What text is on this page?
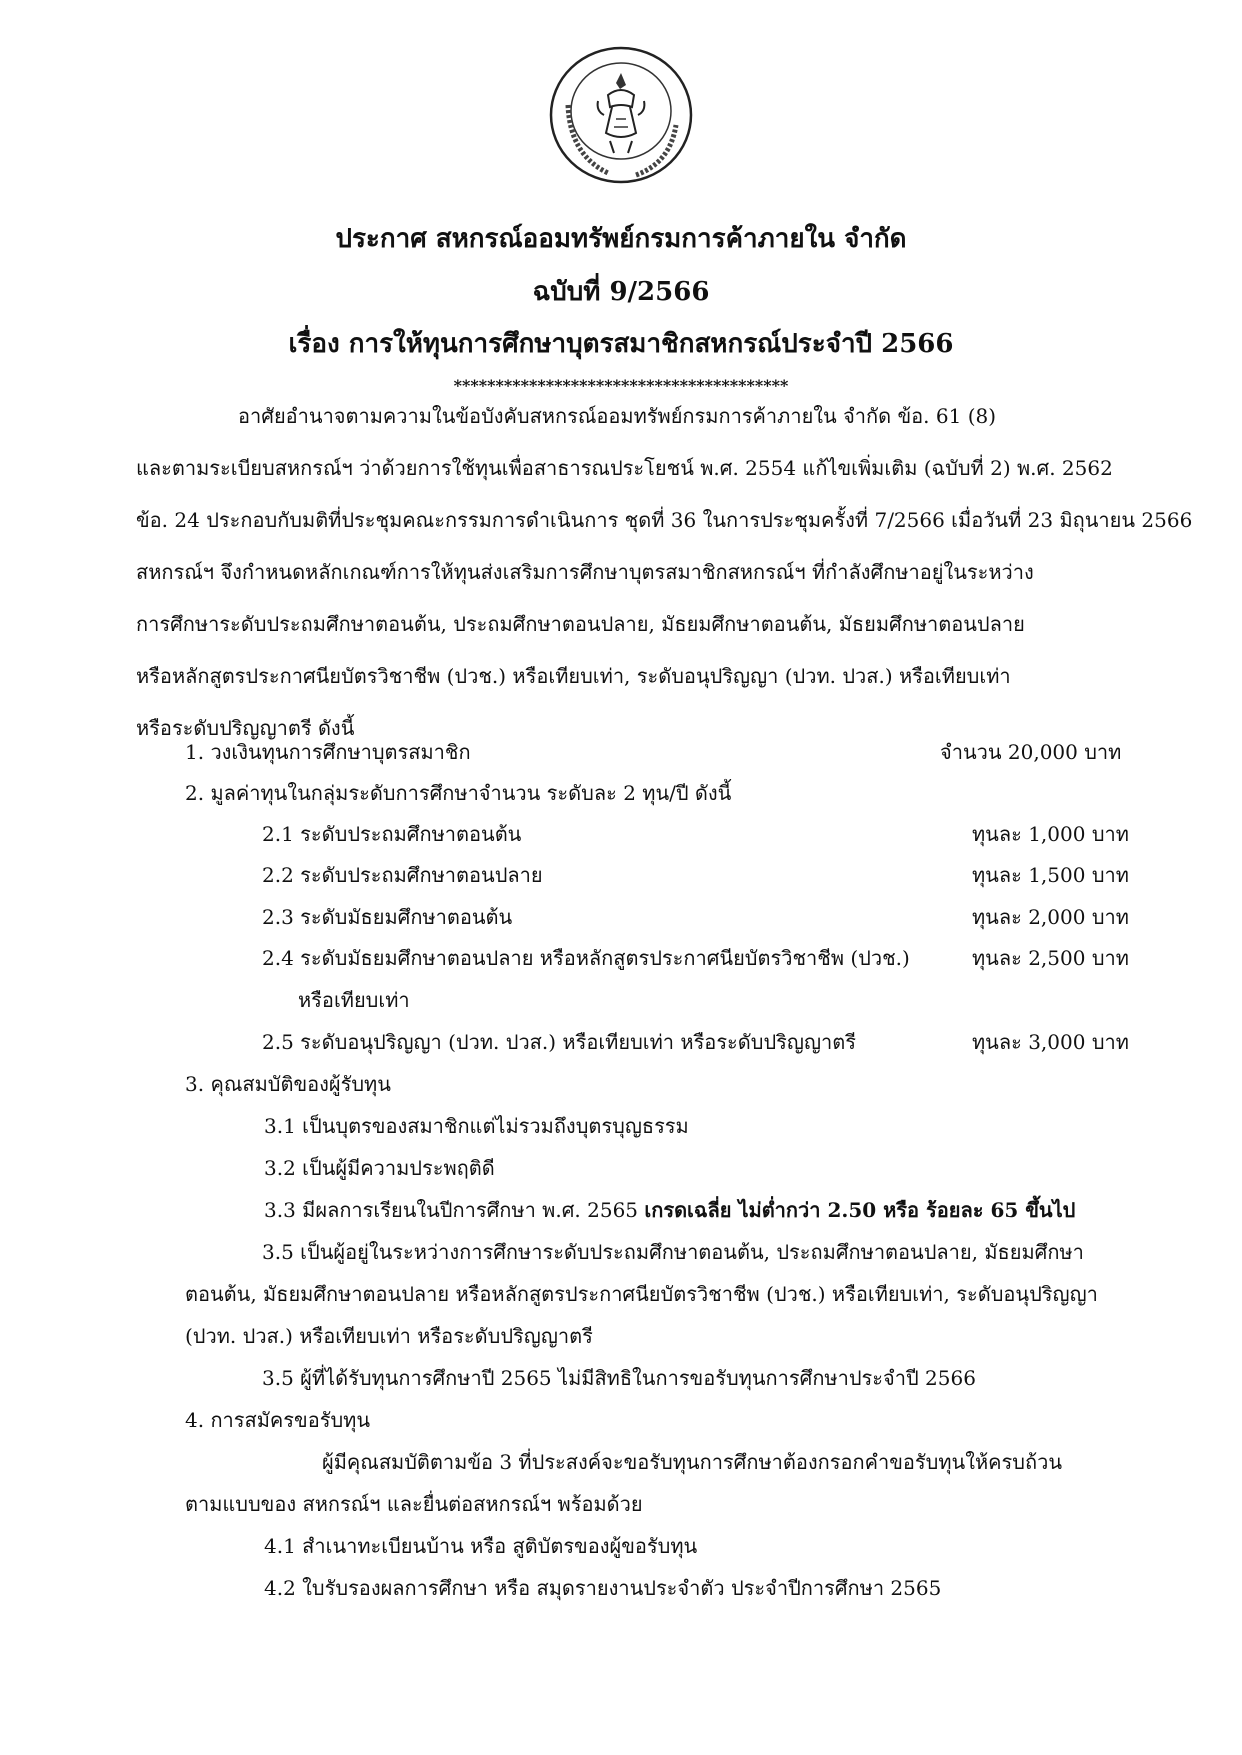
ประกาศ สหกรณ์ออมทรัพย์กรมการค้าภายใน จำกัด
ฉบับที่ 9/2566
เรื่อง การให้ทุนการศึกษาบุตรสมาชิกสหกรณ์ประจำปี 2566
****************************************
อาศัยอำนาจตามความในข้อบังคับสหกรณ์ออมทรัพย์กรมการค้าภายใน จำกัด ข้อ. 61 (8)
และตามระเบียบสหกรณ์ฯ ว่าด้วยการใช้ทุนเพื่อสาธารณประโยชน์ พ.ศ. 2554 แก้ไขเพิ่มเติม (ฉบับที่ 2) พ.ศ. 2562
ข้อ. 24 ประกอบกับมติที่ประชุมคณะกรรมการดำเนินการ ชุดที่ 36 ในการประชุมครั้งที่ 7/2566 เมื่อวันที่ 23 มิถุนายน 2566
สหกรณ์ฯ จึงกำหนดหลักเกณฑ์การให้ทุนส่งเสริมการศึกษาบุตรสมาชิกสหกรณ์ฯ ที่กำลังศึกษาอยู่ในระหว่าง
การศึกษาระดับประถมศึกษาตอนต้น, ประถมศึกษาตอนปลาย, มัธยมศึกษาตอนต้น, มัธยมศึกษาตอนปลาย
หรือหลักสูตรประกาศนียบัตรวิชาชีพ (ปวช.) หรือเทียบเท่า, ระดับอนุปริญญา (ปวท. ปวส.) หรือเทียบเท่า
หรือระดับปริญญาตรี ดังนี้
1. วงเงินทุนการศึกษาบุตรสมาชิก	จำนวน 20,000 บาท
2. มูลค่าทุนในกลุ่มระดับการศึกษาจำนวน ระดับละ 2 ทุน/ปี ดังนี้
2.1 ระดับประถมศึกษาตอนต้น	ทุนละ 1,000 บาท
2.2 ระดับประถมศึกษาตอนปลาย	ทุนละ 1,500 บาท
2.3 ระดับมัธยมศึกษาตอนต้น	ทุนละ 2,000 บาท
2.4 ระดับมัธยมศึกษาตอนปลาย หรือหลักสูตรประกาศนียบัตรวิชาชีพ (ปวช.)	ทุนละ 2,500 บาท
หรือเทียบเท่า
2.5 ระดับอนุปริญญา (ปวท. ปวส.) หรือเทียบเท่า หรือระดับปริญญาตรี	ทุนละ 3,000 บาท
3. คุณสมบัติของผู้รับทุน
3.1 เป็นบุตรของสมาชิกแต่ไม่รวมถึงบุตรบุญธรรม
3.2 เป็นผู้มีความประพฤติดี
3.3 มีผลการเรียนในปีการศึกษา พ.ศ. 2565 เกรดเฉลี่ย ไม่ต่ำกว่า 2.50 หรือ ร้อยละ 65 ขึ้นไป
3.5 เป็นผู้อยู่ในระหว่างการศึกษาระดับประถมศึกษาตอนต้น, ประถมศึกษาตอนปลาย, มัธยมศึกษา
ตอนต้น, มัธยมศึกษาตอนปลาย หรือหลักสูตรประกาศนียบัตรวิชาชีพ (ปวช.) หรือเทียบเท่า, ระดับอนุปริญญา
(ปวท. ปวส.) หรือเทียบเท่า หรือระดับปริญญาตรี
3.5 ผู้ที่ได้รับทุนการศึกษาปี 2565 ไม่มีสิทธิในการขอรับทุนการศึกษาประจำปี 2566
4. การสมัครขอรับทุน
ผู้มีคุณสมบัติตามข้อ 3 ที่ประสงค์จะขอรับทุนการศึกษาต้องกรอกคำขอรับทุนให้ครบถ้วน
ตามแบบของ สหกรณ์ฯ และยื่นต่อสหกรณ์ฯ พร้อมด้วย
4.1 สำเนาทะเบียนบ้าน หรือ สูติบัตรของผู้ขอรับทุน
4.2 ใบรับรองผลการศึกษา หรือ สมุดรายงานประจำตัว ประจำปีการศึกษา 2565
